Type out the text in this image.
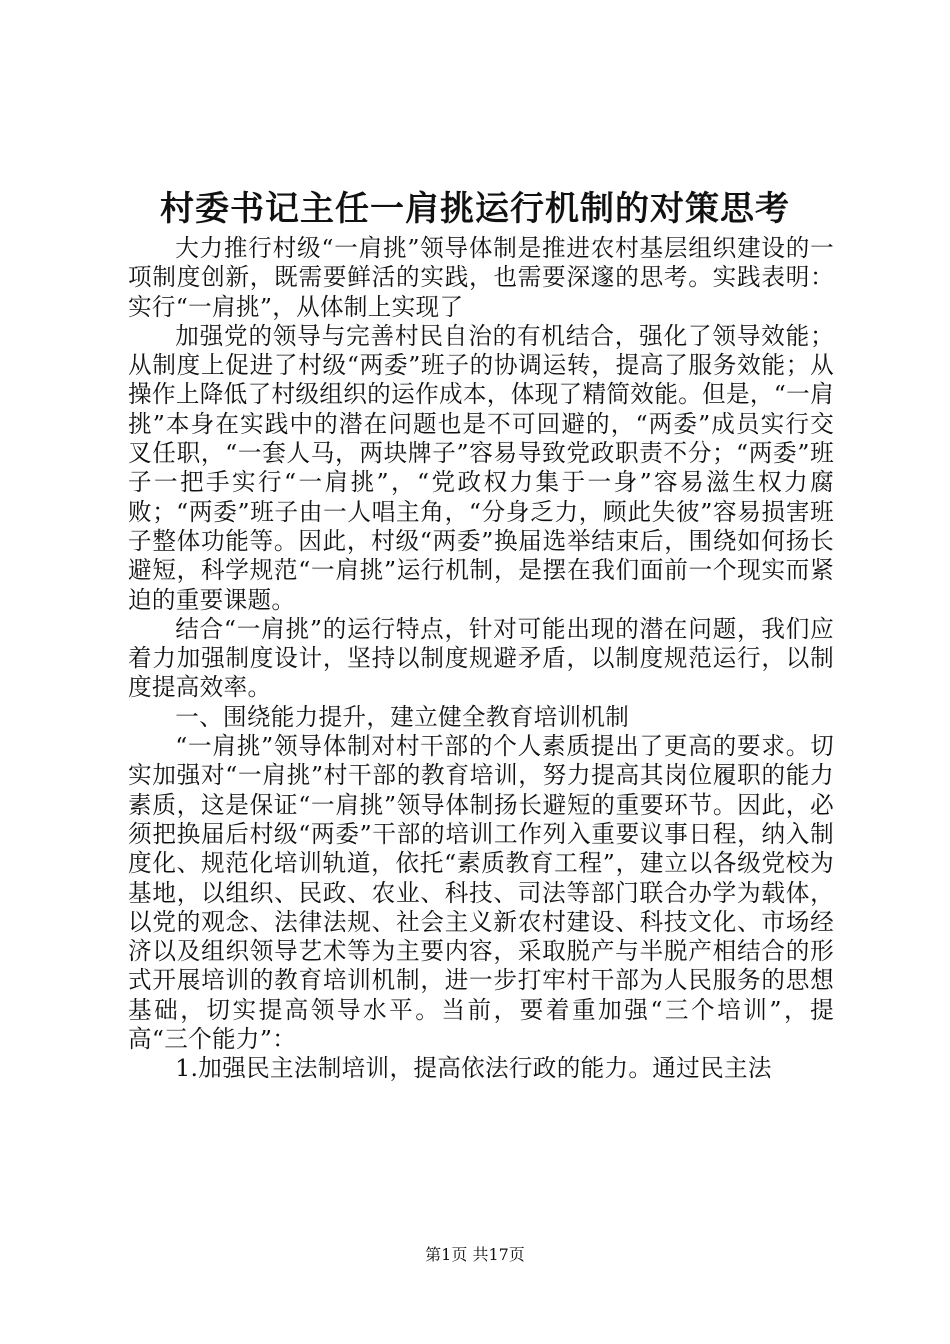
村委书记主任一肩挑运行机制的对策思考

大力推行村级“一肩挑”领导体制是推进农村基层组织建设的一项制度创新，既需要鲜活的实践，也需要深邃的思考。实践表明：实行“一肩挑”，从体制上实现了

加强党的领导与完善村民自治的有机结合，强化了领导效能；从制度上促进了村级“两委”班子的协调运转，提高了服务效能；从操作上降低了村级组织的运作成本，体现了精简效能。但是，“一肩挑”本身在实践中的潜在问题也是不可回避的，“两委”成员实行交叉任职，“一套人马，两块牌子”容易导致党政职责不分；“两委”班子一把手实行“一肩挑”，“党政权力集于一身”容易滋生权力腐败；“两委”班子由一人唱主角，“分身乏力，顾此失彼”容易损害班子整体功能等。因此，村级“两委”换届选举结束后，围绕如何扬长避短，科学规范“一肩挑”运行机制，是摆在我们面前一个现实而紧迫的重要课题。

结合“一肩挑”的运行特点，针对可能出现的潜在问题，我们应着力加强制度设计，坚持以制度规避矛盾，以制度规范运行，以制度提高效率。

一、围绕能力提升，建立健全教育培训机制

“一肩挑”领导体制对村干部的个人素质提出了更高的要求。切实加强对“一肩挑”村干部的教育培训，努力提高其岗位履职的能力素质，这是保证“一肩挑”领导体制扬长避短的重要环节。因此，必须把换届后村级“两委”干部的培训工作列入重要议事日程，纳入制度化、规范化培训轨道，依托“素质教育工程”，建立以各级党校为基地，以组织、民政、农业、科技、司法等部门联合办学为载体，以党的观念、法律法规、社会主义新农村建设、科技文化、市场经济以及组织领导艺术等为主要内容，采取脱产与半脱产相结合的形式开展培训的教育培训机制，进一步打牢村干部为人民服务的思想基础，切实提高领导水平。当前，要着重加强“三个培训”，提高“三个能力”：

1.加强民主法制培训，提高依法行政的能力。通过民主法

第1页 共17页
